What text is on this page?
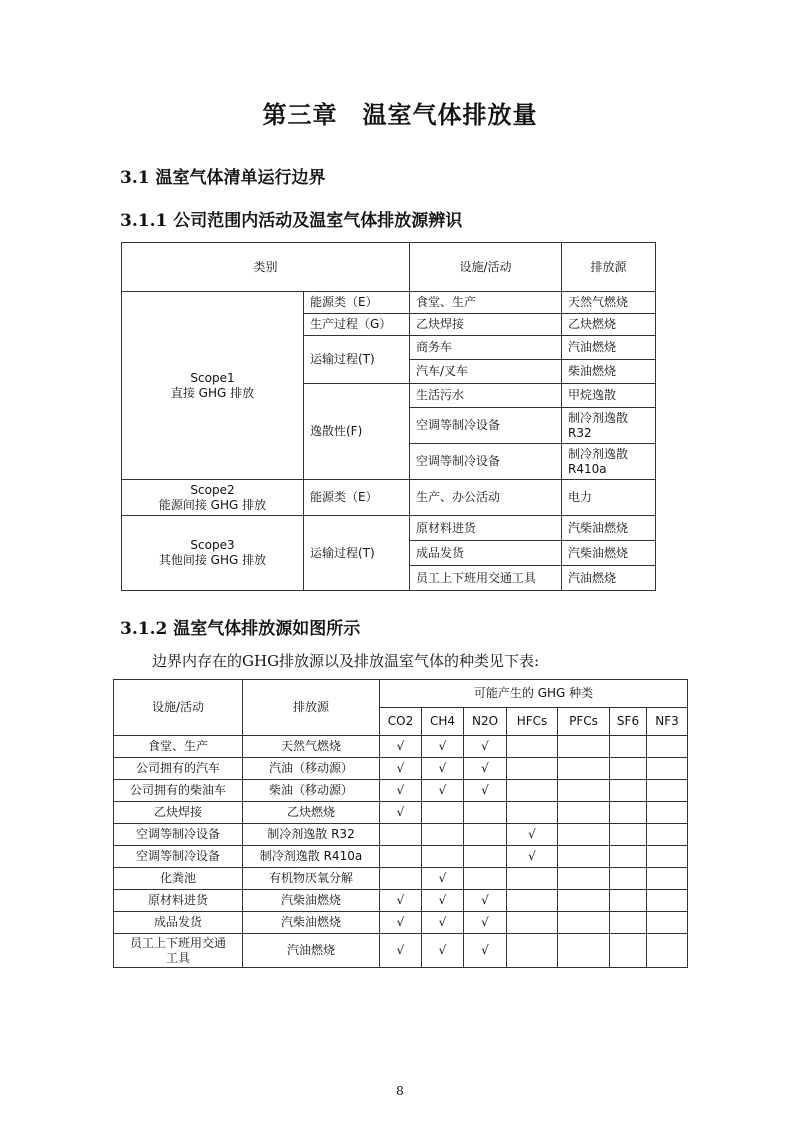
第三章　温室气体排放量
3.1 温室气体清单运行边界
3.1.1 公司范围内活动及温室气体排放源辨识
类别		设施/活动	排放源

Scope1
直接 GHG 排放	能源类（E）	食堂、生产	天然气燃烧
	生产过程（G）	乙炔焊接	乙炔燃烧
	运输过程(T)	商务车	汽油燃烧
		汽车/叉车	柴油燃烧
	逸散性(F)	生活污水	甲烷逸散
		空调等制冷设备	制冷剂逸散
R32

		空调等制冷设备	制冷剂逸散
R410a

Scope2
能源间接 GHG 排放	能源类（E）	生产、办公活动	电力

Scope3
其他间接 GHG 排放	运输过程(T)	原材料进货	汽柴油燃烧
		成品发货	汽柴油燃烧
		员工上下班用交通工具	汽油燃烧
3.1.2 温室气体排放源如图所示
边界内存在的GHG排放源以及排放温室气体的种类见下表:
设施/活动	排放源	可能产生的 GHG 种类						
		CO2	CH4	N2O	HFCs	PFCs	SF6	NF3
食堂、生产	天然气燃烧	√	√	√				
公司拥有的汽车	汽油（移动源）	√	√	√				
公司拥有的柴油车	柴油（移动源）	√	√	√				
乙炔焊接	乙炔燃烧	√						
空调等制冷设备	制冷剂逸散 R32				√			
空调等制冷设备	制冷剂逸散 R410a				√			
化粪池	有机物厌氧分解		√					
原材料进货	汽柴油燃烧	√	√	√				
成品发货	汽柴油燃烧	√	√	√				

员工上下班用交通
工具	汽油燃烧	√	√	√				
8
